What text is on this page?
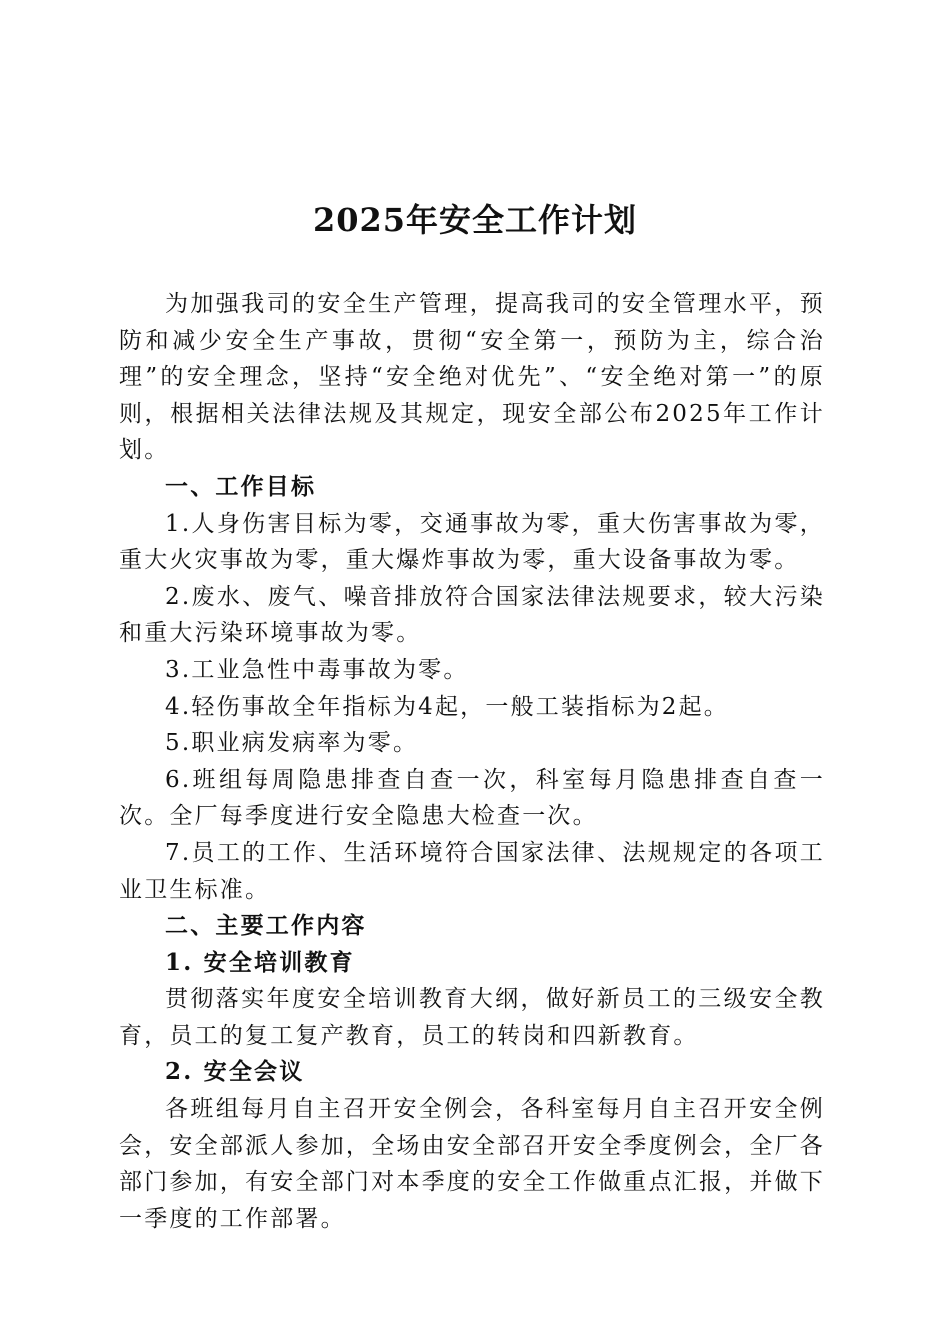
2025年安全工作计划

为加强我司的安全生产管理，提高我司的安全管理水平，预防和减少安全生产事故，贯彻“安全第一，预防为主，综合治理”的安全理念，坚持“安全绝对优先”、“安全绝对第一”的原则，根据相关法律法规及其规定，现安全部公布2025年工作计划。

一、工作目标

1.人身伤害目标为零，交通事故为零，重大伤害事故为零，重大火灾事故为零，重大爆炸事故为零，重大设备事故为零。

2.废水、废气、噪音排放符合国家法律法规要求，较大污染和重大污染环境事故为零。

3.工业急性中毒事故为零。

4.轻伤事故全年指标为4起，一般工装指标为2起。

5.职业病发病率为零。

6.班组每周隐患排查自查一次，科室每月隐患排查自查一次。全厂每季度进行安全隐患大检查一次。

7.员工的工作、生活环境符合国家法律、法规规定的各项工业卫生标准。

二、主要工作内容

1. 安全培训教育

贯彻落实年度安全培训教育大纲，做好新员工的三级安全教育，员工的复工复产教育，员工的转岗和四新教育。

2. 安全会议

各班组每月自主召开安全例会，各科室每月自主召开安全例会，安全部派人参加，全场由安全部召开安全季度例会，全厂各部门参加，有安全部门对本季度的安全工作做重点汇报，并做下一季度的工作部署。
